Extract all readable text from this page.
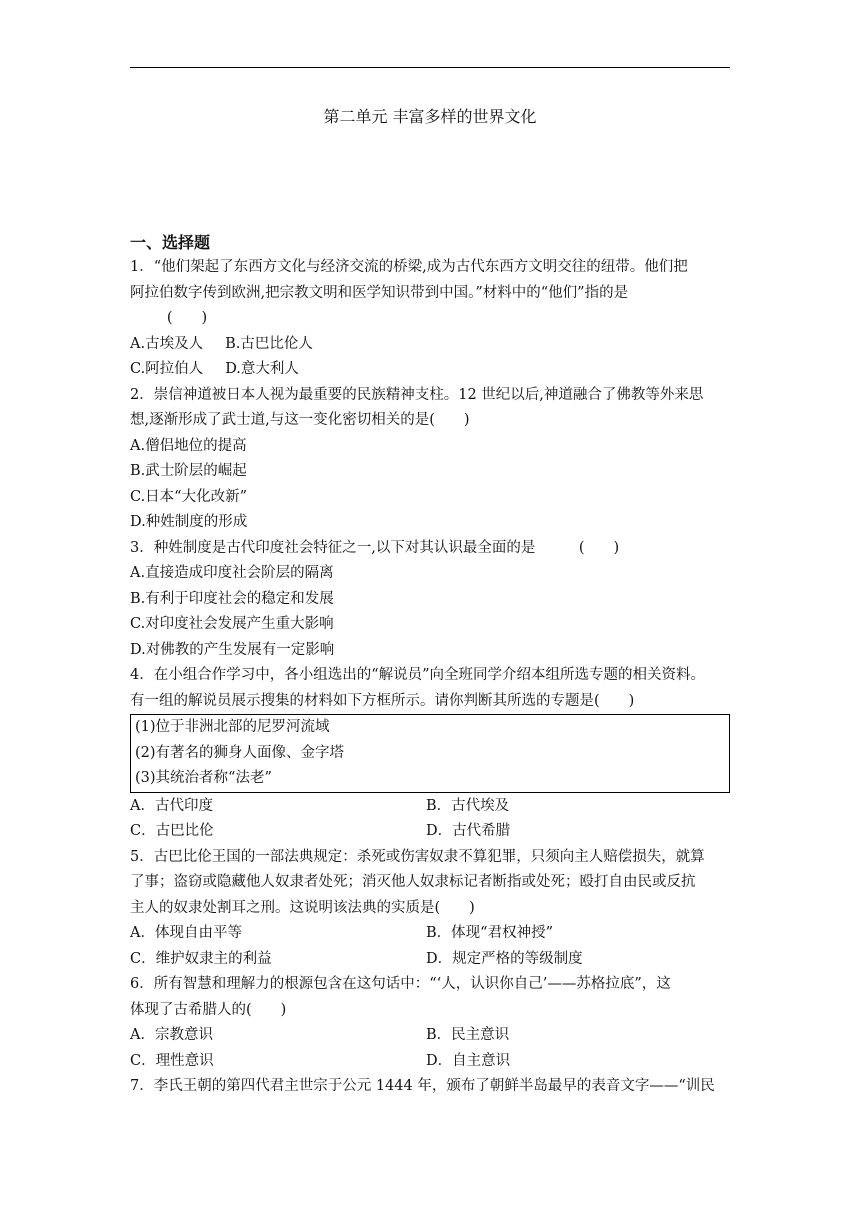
第二单元 丰富多样的世界文化
一、选择题
1．“他们架起了东西方文化与经济交流的桥梁,成为古代东西方文明交往的纽带。他们把
阿拉伯数字传到欧洲,把宗教文明和医学知识带到中国。”材料中的“他们”指的是
(　　)
A.古埃及人 B.古巴比伦人
C.阿拉伯人 D.意大利人
2．崇信神道被日本人视为最重要的民族精神支柱。12 世纪以后,神道融合了佛教等外来思
想,逐渐形成了武士道,与这一变化密切相关的是(　　)
A.僧侣地位的提高
B.武士阶层的崛起
C.日本“大化改新”
D.种姓制度的形成
3．种姓制度是古代印度社会特征之一,以下对其认识最全面的是　　　(　　)
A.直接造成印度社会阶层的隔离
B.有利于印度社会的稳定和发展
C.对印度社会发展产生重大影响
D.对佛教的产生发展有一定影响
4．在小组合作学习中，各小组选出的“解说员”向全班同学介绍本组所选专题的相关资料。
有一组的解说员展示搜集的材料如下方框所示。请你判断其所选的专题是(　　)
(1)位于非洲北部的尼罗河流域
(2)有著名的狮身人面像、金字塔
(3)其统治者称“法老”
A．古代印度	B．古代埃及
C．古巴比伦	D．古代希腊
5．古巴比伦王国的一部法典规定：杀死或伤害奴隶不算犯罪，只须向主人赔偿损失，就算
了事；盗窃或隐藏他人奴隶者处死；消灭他人奴隶标记者断指或处死；殴打自由民或反抗
主人的奴隶处割耳之刑。这说明该法典的实质是(　　)
A．体现自由平等	B．体现“君权神授”
C．维护奴隶主的利益	D．规定严格的等级制度
6．所有智慧和理解力的根源包含在这句话中：“‘人，认识你自己’——苏格拉底”，这
体现了古希腊人的(　　)
A．宗教意识	B．民主意识
C．理性意识	D．自主意识
7．李氏王朝的第四代君主世宗于公元 1444 年，颁布了朝鲜半岛最早的表音文字——“训民
